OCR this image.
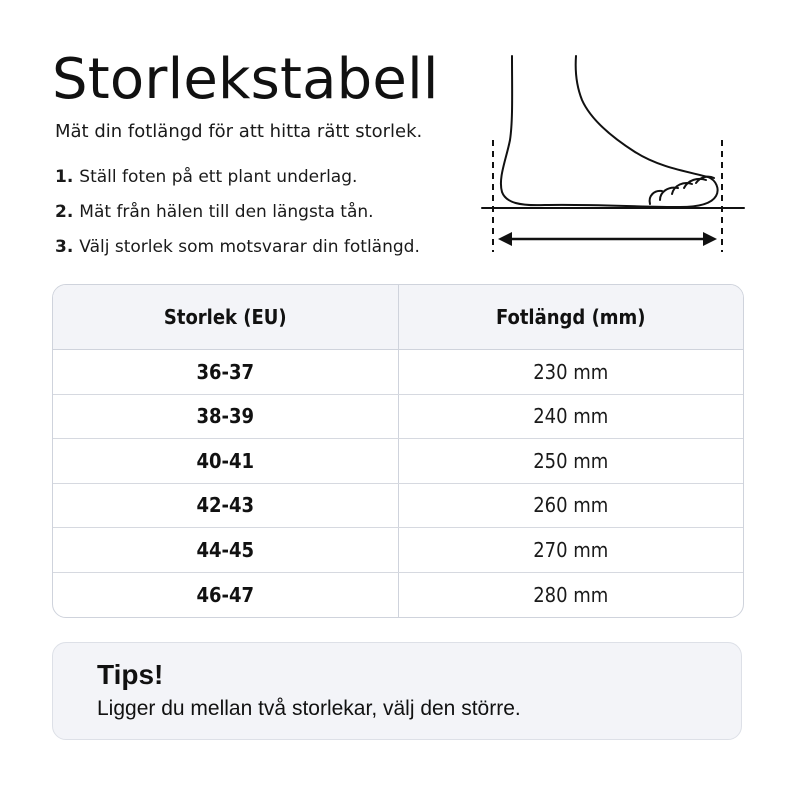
Storlekstabell

Mät din fotlängd för att hitta rätt storlek.

1. Ställ foten på ett plant underlag.
2. Mät från hälen till den längsta tån.
3. Välj storlek som motsvarar din fotlängd.
Storlek (EU)	Fotlängd (mm)
36-37	230 mm
38-39	240 mm
40-41	250 mm
42-43	260 mm
44-45	270 mm
46-47	280 mm

Tips!

Ligger du mellan två storlekar, välj den större.
